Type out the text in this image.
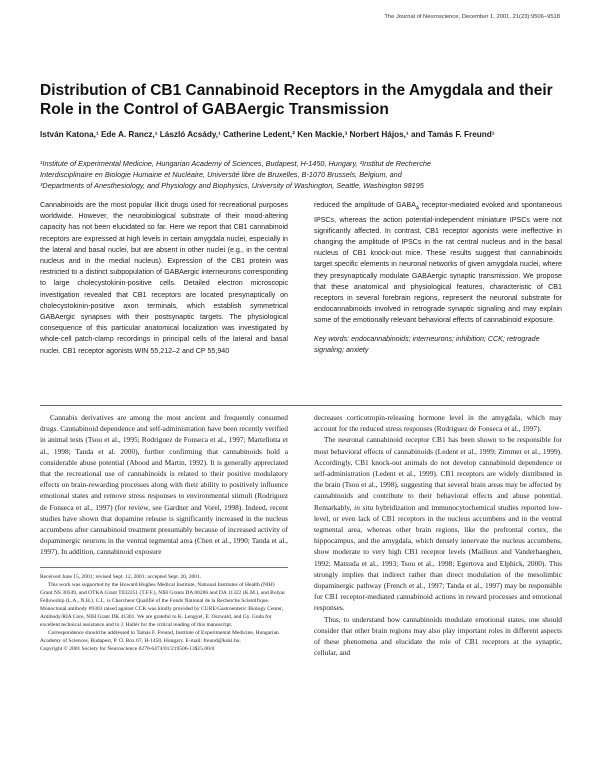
The Journal of Neuroscience, December 1, 2001, 21(23):9506–9518
Distribution of CB1 Cannabinoid Receptors in the Amygdala and their Role in the Control of GABAergic Transmission
István Katona,¹ Ede A. Rancz,¹ László Acsády,¹ Catherine Ledent,² Ken Mackie,³ Norbert Hájos,¹ and Tamás F. Freund¹
¹Institute of Experimental Medicine, Hungarian Academy of Sciences, Budapest, H-1450, Hungary, ²Institut de Recherche
Interdisciplinaire en Biologie Humaine et Nucléaire, Université libre de Bruxelles, B-1070 Brussels, Belgium, and
³Departments of Anesthesiology, and Physiology and Biophysics, University of Washington, Seattle, Washington 98195
Cannabinoids are the most popular illicit drugs used for recreational purposes worldwide. However, the neurobiological substrate of their mood-altering capacity has not been elucidated so far. Here we report that CB1 cannabinoid receptors are expressed at high levels in certain amygdala nuclei, especially in the lateral and basal nuclei, but are absent in other nuclei (e.g., in the central nucleus and in the medial nucleus). Expression of the CB1 protein was restricted to a distinct subpopulation of GABAergic interneurons corresponding to large cholecystokinin-positive cells. Detailed electron microscopic investigation revealed that CB1 receptors are located presynaptically on cholecystokinin-positive axon terminals, which establish symmetrical GABAergic synapses with their postsynaptic targets. The physiological consequence of this particular anatomical localization was investigated by whole-cell patch-clamp recordings in principal cells of the lateral and basal nuclei. CB1 receptor agonists WIN 55,212–2 and CP 55,940
reduced the amplitude of $GABA_A$ receptor-mediated evoked and spontaneous IPSCs, whereas the action potential-independent miniature IPSCs were not significantly affected. In contrast, CB1 receptor agonists were ineffective in changing the amplitude of IPSCs in the rat central nucleus and in the basal nucleus of CB1 knock-out mice. These results suggest that cannabinoids target specific elements in neuronal networks of given amygdala nuclei, where they presynaptically modulate GABAergic synaptic transmission. We propose that these anatomical and physiological features, characteristic of CB1 receptors in several forebrain regions, represent the neuronal substrate for endocannabinoids involved in retrograde synaptic signaling and may explain some of the emotionally relevant behavioral effects of cannabinoid exposure.
Key words: endocannabinoids; interneurons; inhibition; CCK; retrograde signaling; anxiety

Cannabis derivatives are among the most ancient and frequently consumed drugs. Cannabinoid dependence and self-administration have been recently verified in animal tests (Tsou et al., 1995; Rodriguez de Fonseca et al., 1997; Martellotta et al., 1998; Tanda et al. 2000), further confirming that cannabinoids hold a considerable abuse potential (Abood and Martin, 1992). It is generally appreciated that the recreational use of cannabinoids is related to their positive modulatory effects on brain-rewarding processes along with their ability to positively influence emotional states and remove stress responses to environmental stimuli (Rodriguez de Fonseca et al., 1997) (for review, see Gardner and Vorel, 1998). Indeed, recent studies have shown that dopamine release is significantly increased in the nucleus accumbens after cannabinoid treatment presumably because of increased activity of dopaminergic neurons in the ventral tegmental area (Chen et al., 1990; Tanda et al., 1997). In addition, cannabinoid exposure

Received June 15, 2001; revised Sept. 12, 2001; accepted Sept. 20, 2001.

This work was supported by the Howard Hughes Medical Institute, National Institutes of Health (NIH) Grant NS 30549, and OTKA Grant T032251 (T.F.F.), NIH Grants DA 00286 and DA 11322 (K.M.), and Bolyai Fellowship (L.A., N.H.). C.L. is Chercheur Qualifié of the Fonds National de la Recherche Scientifique. Monoclonal antibody #9303 raised against CCK was kindly provided by CURE/Gastroenteric Biology Center, Antibody/RIA Core, NIH Grant DK 41301. We are grateful to K. Lengyel, E. Oszwald, and Gy. Goda for excellent technical assistance and to J. Hallér for the critical reading of this manuscript.

Correspondence should be addressed to Tamás F. Freund, Institute of Experimental Medicine, Hungarian Academy of Sciences, Budapest, P. O. Box 67, H-1450, Hungary. E-mail: freund@koki.hu.

Copyright © 2001 Society for Neuroscience 0270-6474/01/219506-13$15.00/0

decreases corticotropin-releasing hormone level in the amygdala, which may account for the reduced stress responses (Rodriguez de Fonseca et al., 1997).

The neuronal cannabinoid receptor CB1 has been shown to be responsible for most behavioral effects of cannabinoids (Ledent et al., 1999; Zimmer et al., 1999). Accordingly, CB1 knock-out animals do not develop cannabinoid dependence or self-administration (Ledent et al., 1999). CB1 receptors are widely distributed in the brain (Tsou et al., 1998), suggesting that several brain areas may be affected by cannabinoids and contribute to their behavioral effects and abuse potential. Remarkably, in situ hybridization and immunocytochemical studies reported low-level, or even lack of CB1 receptors in the nucleus accumbens and in the ventral tegmental area, whereas other brain regions, like the prefrontal cortex, the hippocampus, and the amygdala, which densely innervate the nucleus accumbens, show moderate to very high CB1 receptor levels (Mailleux and Vanderhaeghen, 1992; Matsuda et al., 1993; Tsou et al., 1998; Egertova and Elphick, 2000). This strongly implies that indirect rather than direct modulation of the mesolimbic dopaminergic pathway (French et al., 1997; Tanda et al., 1997) may be responsible for CB1 receptor-mediated cannabinoid actions in reward processes and emotional responses.

Thus, to understand how cannabinoids modulate emotional states, one should consider that other brain regions may also play important roles in different aspects of these phenomena and elucidate the role of CB1 receptors at the synaptic, cellular, and
